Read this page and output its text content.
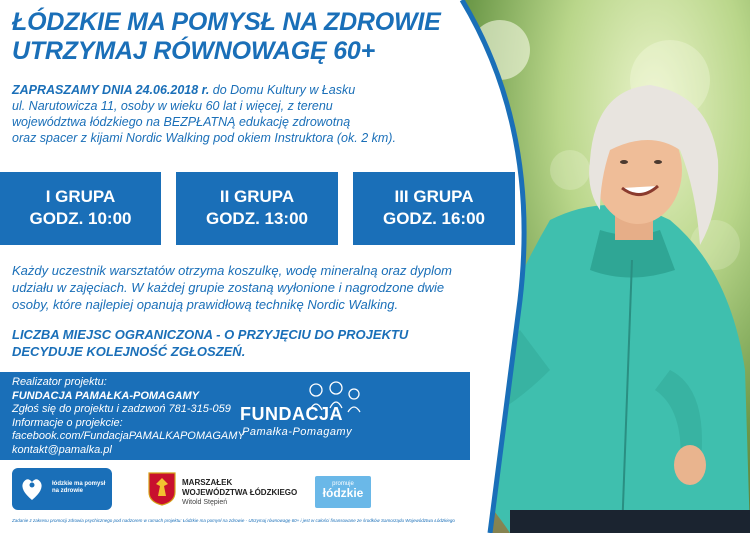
ŁÓDZKIE MA POMYSŁ NA ZDROWIE
UTRZYMAJ RÓWNOWAGĘ 60+
ZAPRASZAMY DNIA 24.06.2018 r. do Domu Kultury w Łasku
ul. Narutowicza 11, osoby w wieku 60 lat i więcej, z terenu
województwa łódzkiego na BEZPŁATNĄ edukację zdrowotną
oraz spacer z kijami Nordic Walking pod okiem Instruktora (ok. 2 km).
I GRUPA
GODZ. 10:00
II GRUPA
GODZ. 13:00
III GRUPA
GODZ. 16:00
Każdy uczestnik warsztatów otrzyma koszulkę, wodę mineralną oraz dyplom
udziału w zajęciach. W każdej grupie zostaną wyłonione i nagrodzone dwie
osoby, które najlepiej opanują prawidłową technikę Nordic Walking.
LICZBA MIEJSC OGRANICZONA - O PRZYJĘCIU DO PROJEKTU
DECYDUJE KOLEJNOŚĆ ZGŁOSZEŃ.
Realizator projektu:
FUNDACJA PAMAŁKA-POMAGAMY
Zgłoś się do projektu i zadzwoń 781-315-059
Informacje o projekcie:
facebook.com/FundacjaPAMALKAPOMAGAMY
kontakt@pamalka.pl
FUNDACJA
Pamałka-Pomagamy
łódzkie ma pomysł na zdrowie
MARSZAŁEK
WOJEWÓDZTWA ŁÓDZKIEGO
Witold Stępień
promuje
łódzkie
Zadanie z zakresu promocji zdrowia psychicznego pod nadzorem w ramach projektu: Łódzkie ma pomysł na zdrowie - Utrzymaj równowagę 60+ i jest w całości finansowane ze środków Samorządu Województwa Łódzkiego
